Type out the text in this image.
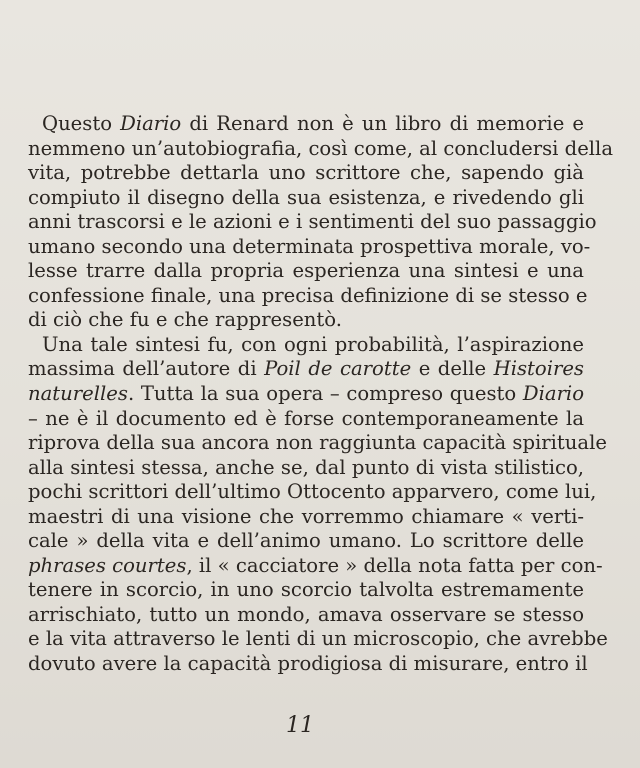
Questo Diario di Renard non è un libro di memorie e
nemmeno un’autobiografia, così come, al concludersi della
vita, potrebbe dettarla uno scrittore che, sapendo già
compiuto il disegno della sua esistenza, e rivedendo gli
anni trascorsi e le azioni e i sentimenti del suo passaggio
umano secondo una determinata prospettiva morale, vo-
lesse trarre dalla propria esperienza una sintesi e una
confessione finale, una precisa definizione di se stesso e
di ciò che fu e che rappresentò.
Una tale sintesi fu, con ogni probabilità, l’aspirazione
massima dell’autore di Poil de carotte e delle Histoires
naturelles. Tutta la sua opera – compreso questo Diario
– ne è il documento ed è forse contemporaneamente la
riprova della sua ancora non raggiunta capacità spirituale
alla sintesi stessa, anche se, dal punto di vista stilistico,
pochi scrittori dell’ultimo Ottocento apparvero, come lui,
maestri di una visione che vorremmo chiamare « verti-
cale » della vita e dell’animo umano. Lo scrittore delle
phrases courtes, il « cacciatore » della nota fatta per con-
tenere in scorcio, in uno scorcio talvolta estremamente
arrischiato, tutto un mondo, amava osservare se stesso
e la vita attraverso le lenti di un microscopio, che avrebbe
dovuto avere la capacità prodigiosa di misurare, entro il
11
